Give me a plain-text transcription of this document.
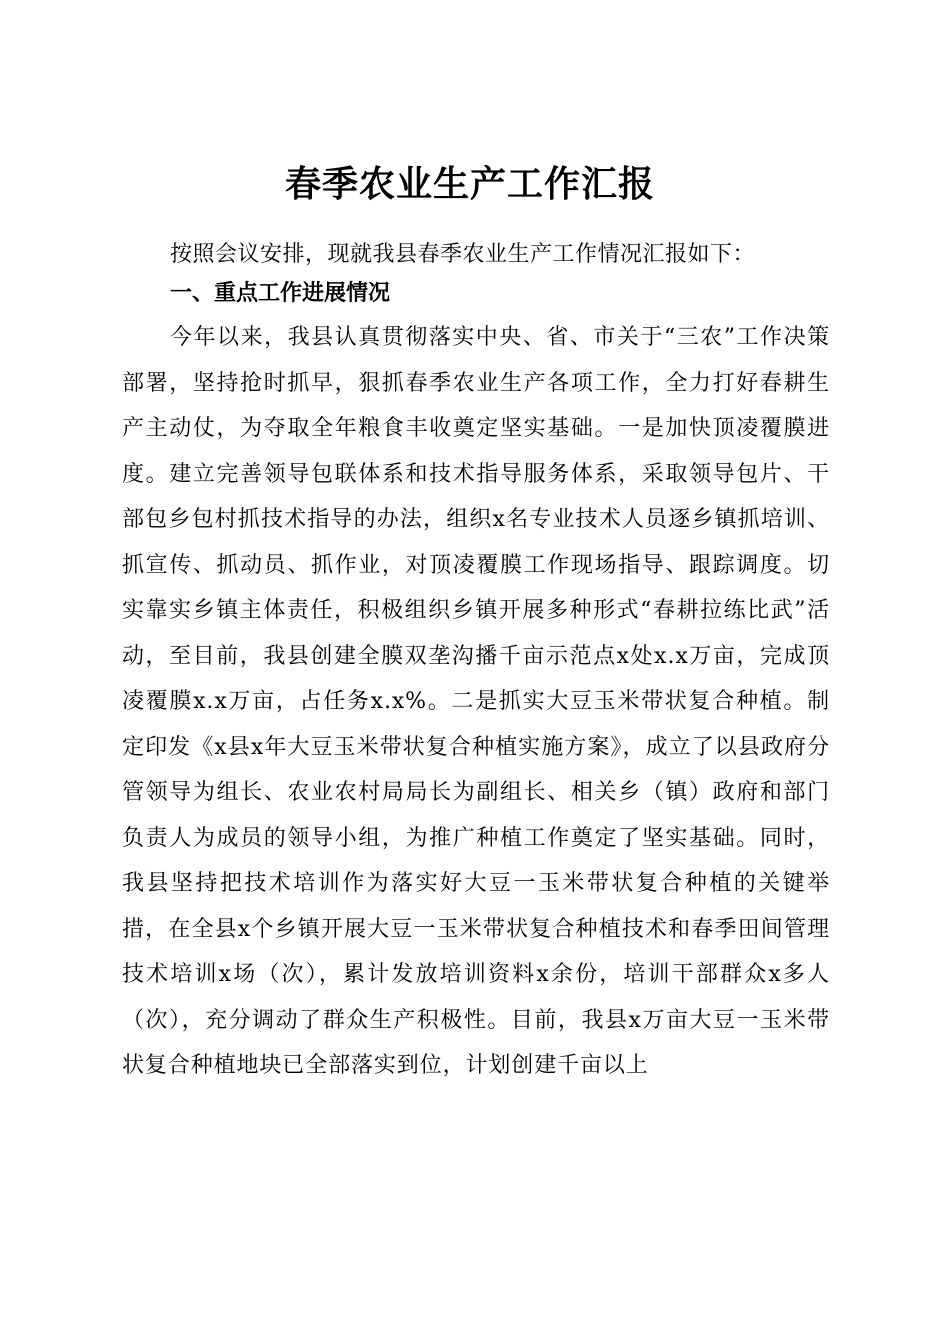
春季农业生产工作汇报

按照会议安排，现就我县春季农业生产工作情况汇报如下：

一、重点工作进展情况

今年以来，我县认真贯彻落实中央、省、市关于“三农”工作决策部署，坚持抢时抓早，狠抓春季农业生产各项工作，全力打好春耕生产主动仗，为夺取全年粮食丰收奠定坚实基础。一是加快顶凌覆膜进度。建立完善领导包联体系和技术指导服务体系，采取领导包片、干部包乡包村抓技术指导的办法，组织x名专业技术人员逐乡镇抓培训、抓宣传、抓动员、抓作业，对顶凌覆膜工作现场指导、跟踪调度。切实靠实乡镇主体责任，积极组织乡镇开展多种形式“春耕拉练比武”活动，至目前，我县创建全膜双垄沟播千亩示范点x处x.x万亩，完成顶凌覆膜x.x万亩，占任务x.x%。二是抓实大豆玉米带状复合种植。制定印发《x县x年大豆玉米带状复合种植实施方案》，成立了以县政府分管领导为组长、农业农村局局长为副组长、相关乡（镇）政府和部门负责人为成员的领导小组，为推广种植工作奠定了坚实基础。同时，我县坚持把技术培训作为落实好大豆一玉米带状复合种植的关键举措，在全县x个乡镇开展大豆一玉米带状复合种植技术和春季田间管理技术培训x场（次），累计发放培训资料x余份，培训干部群众x多人（次），充分调动了群众生产积极性。目前，我县x万亩大豆一玉米带状复合种植地块已全部落实到位，计划创建千亩以上
